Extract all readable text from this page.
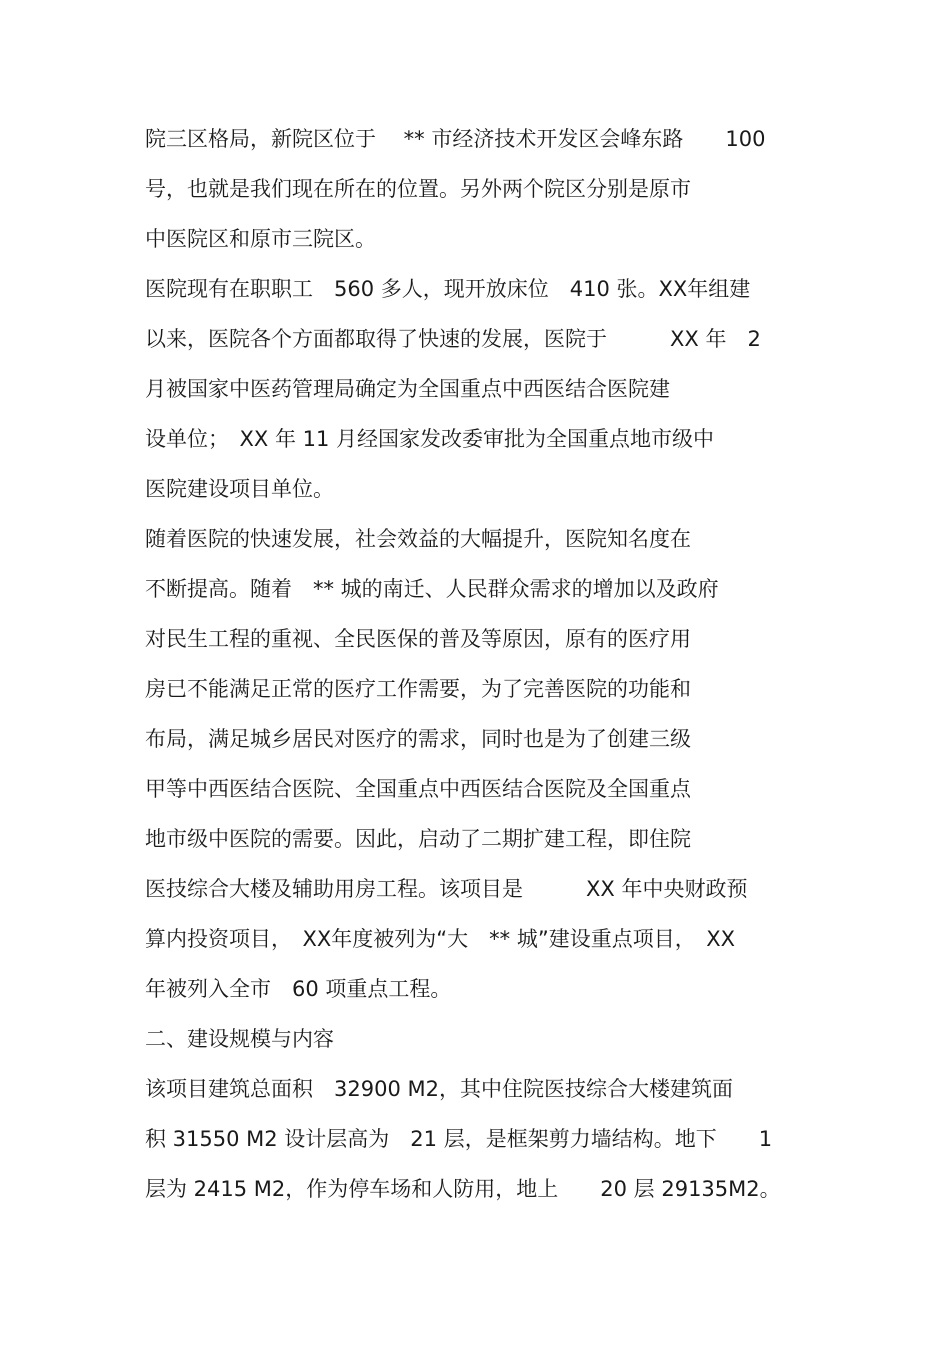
院三区格局，新院区位于　 ** 市经济技术开发区会峰东路　　100

号，也就是我们现在所在的位置。另外两个院区分别是原市

中医院区和原市三院区。

医院现有在职职工　560 多人，现开放床位　410 张。XX年组建

以来，医院各个方面都取得了快速的发展，医院于　　　XX 年　2

月被国家中医药管理局确定为全国重点中西医结合医院建

设单位；　XX 年 11 月经国家发改委审批为全国重点地市级中

医院建设项目单位。

随着医院的快速发展，社会效益的大幅提升，医院知名度在

不断提高。随着　** 城的南迁、人民群众需求的增加以及政府

对民生工程的重视、全民医保的普及等原因，原有的医疗用

房已不能满足正常的医疗工作需要，为了完善医院的功能和

布局，满足城乡居民对医疗的需求，同时也是为了创建三级

甲等中西医结合医院、全国重点中西医结合医院及全国重点

地市级中医院的需要。因此，启动了二期扩建工程，即住院

医技综合大楼及辅助用房工程。该项目是　　　XX 年中央财政预

算内投资项目，　XX年度被列为“大　** 城”建设重点项目，　XX

年被列入全市　60 项重点工程。

二、建设规模与内容

该项目建筑总面积　32900 M2，其中住院医技综合大楼建筑面

积 31550 M2 设计层高为　21 层，是框架剪力墙结构。地下　　1

层为 2415 M2，作为停车场和人防用，地上　　20 层 29135M2。
